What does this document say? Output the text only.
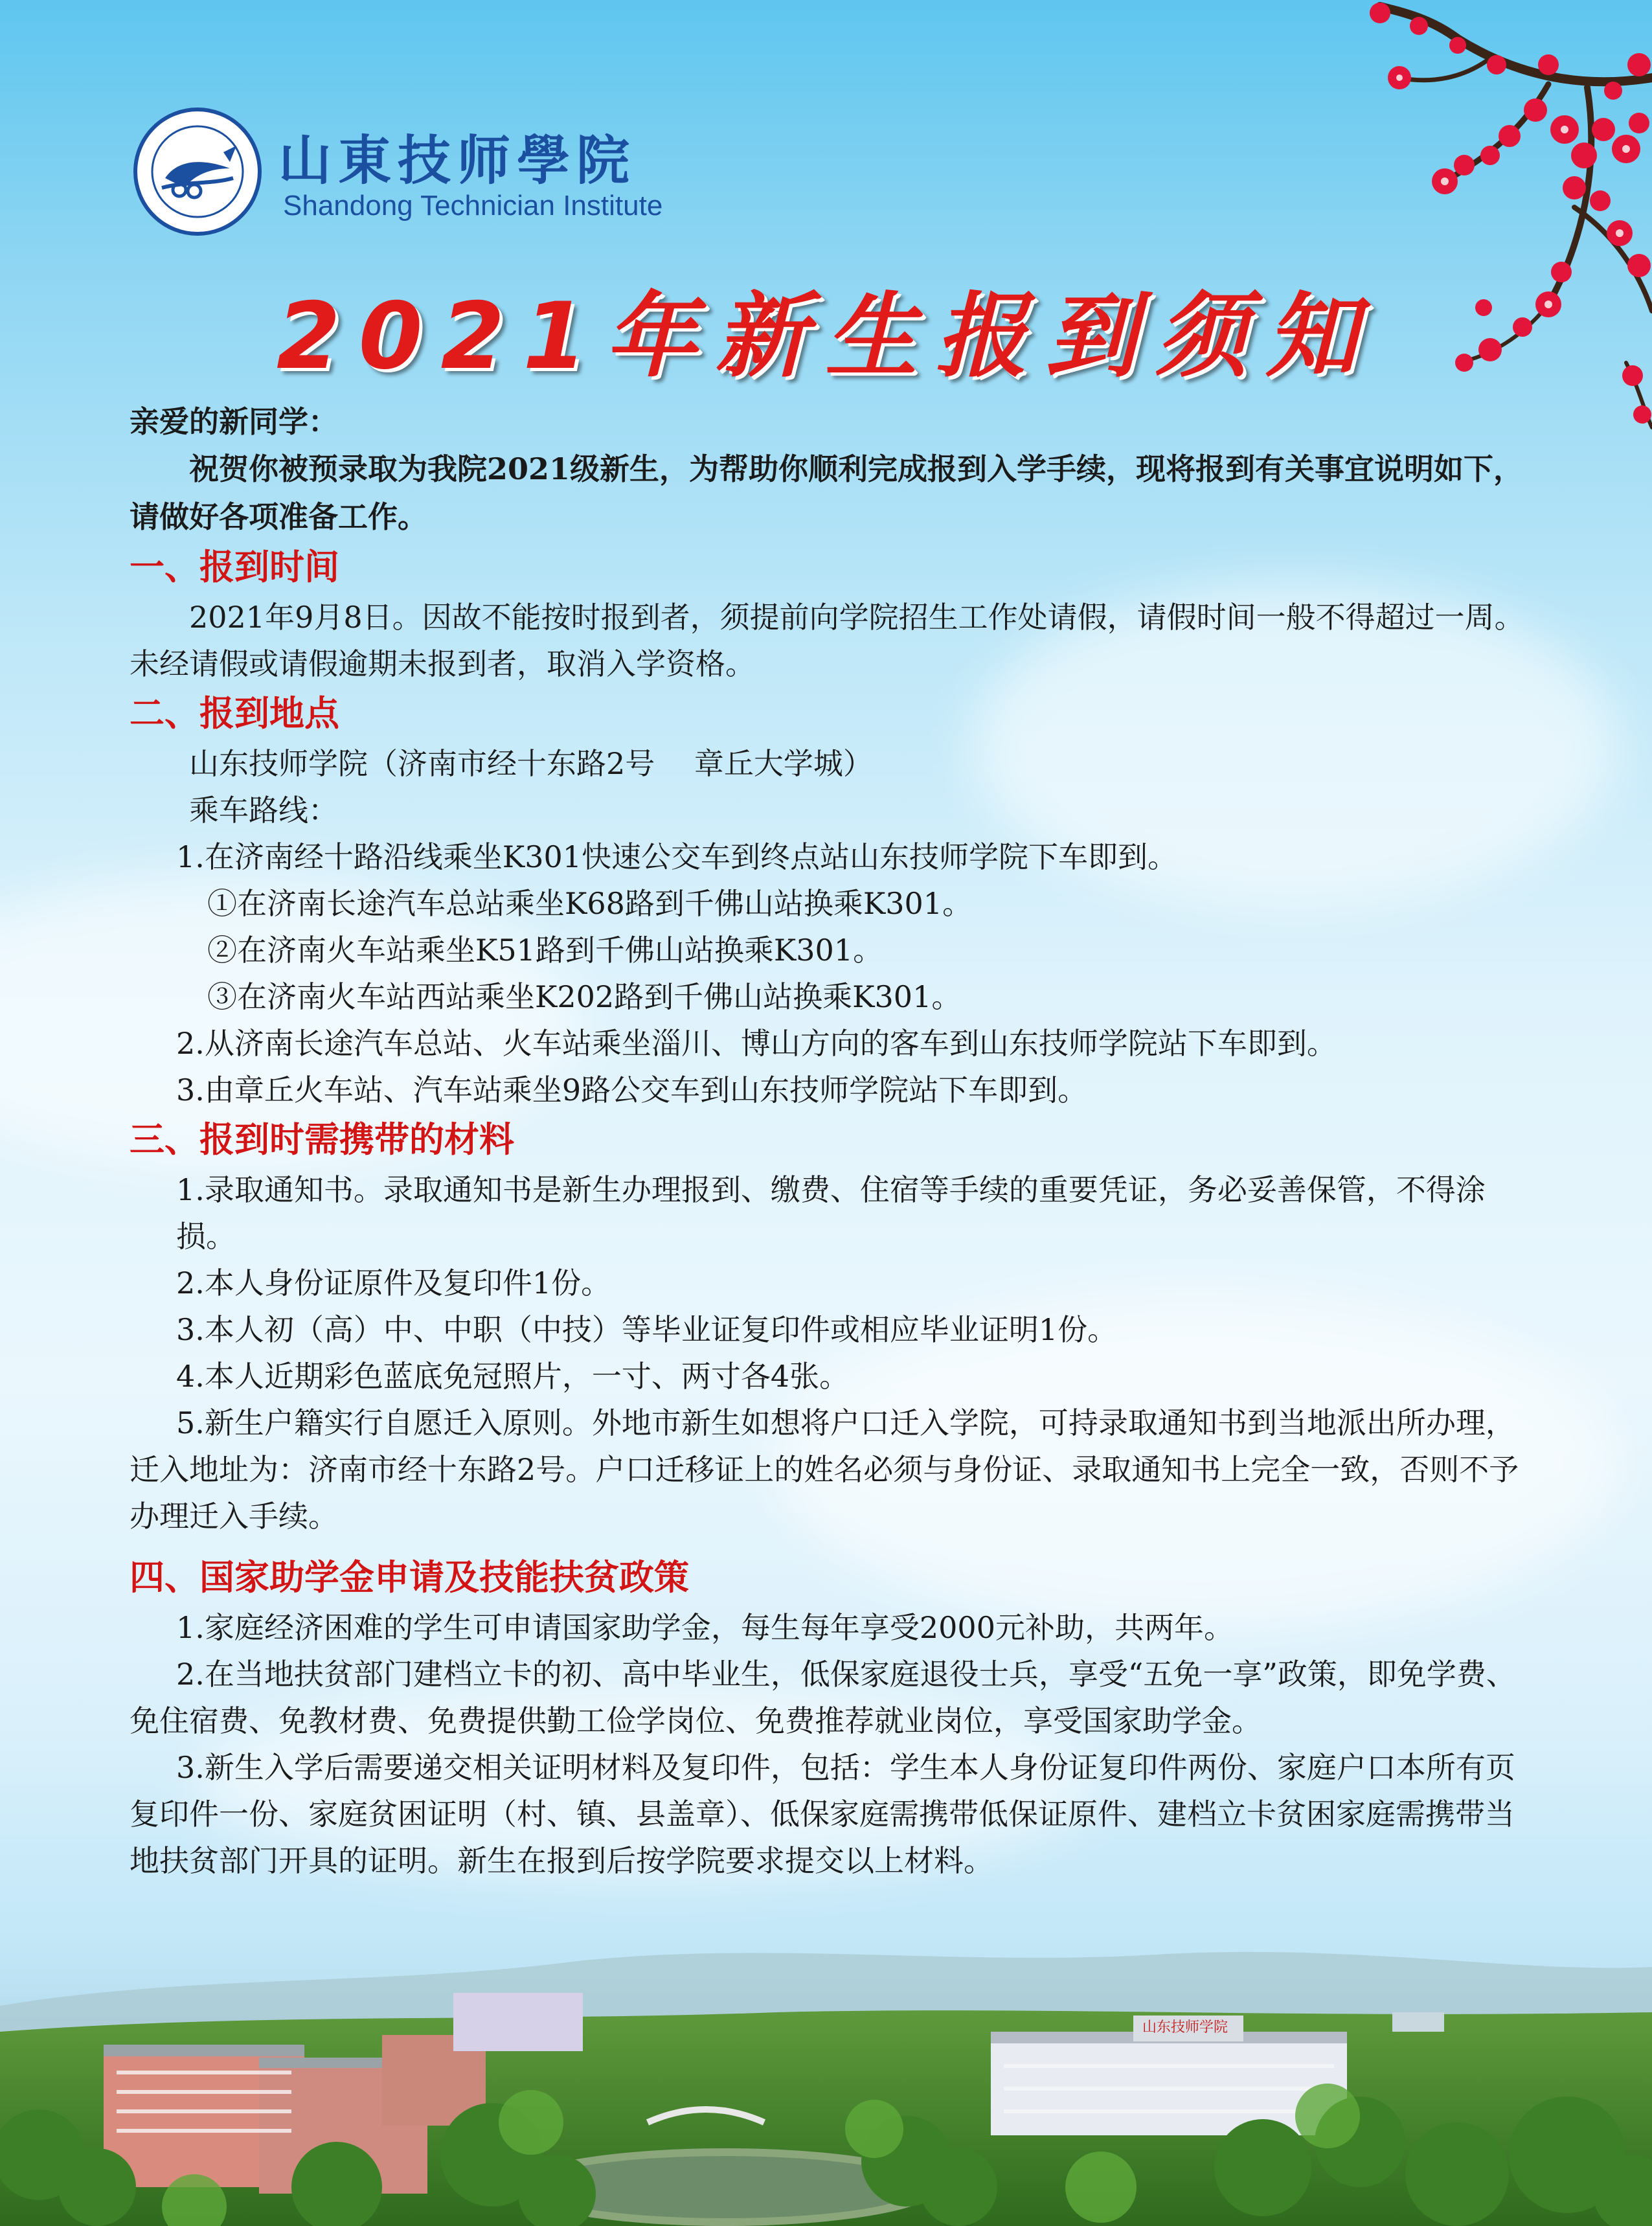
山東技师學院
Shandong Technician Institute
2021年新生报到须知

亲爱的新同学：

祝贺你被预录取为我院2021级新生，为帮助你顺利完成报到入学手续，现将报到有关事宜说明如下，请做好各项准备工作。

一、报到时间

2021年9月8日。因故不能按时报到者，须提前向学院招生工作处请假，请假时间一般不得超过一周。未经请假或请假逾期未报到者，取消入学资格。

二、报到地点

山东技师学院（济南市经十东路2号　 章丘大学城）

乘车路线：

1.在济南经十路沿线乘坐K301快速公交车到终点站山东技师学院下车即到。

①在济南长途汽车总站乘坐K68路到千佛山站换乘K301。

②在济南火车站乘坐K51路到千佛山站换乘K301。

③在济南火车站西站乘坐K202路到千佛山站换乘K301。

2.从济南长途汽车总站、火车站乘坐淄川、博山方向的客车到山东技师学院站下车即到。

3.由章丘火车站、汽车站乘坐9路公交车到山东技师学院站下车即到。

三、报到时需携带的材料

1.录取通知书。录取通知书是新生办理报到、缴费、住宿等手续的重要凭证，务必妥善保管，不得涂损。

2.本人身份证原件及复印件1份。

3.本人初（高）中、中职（中技）等毕业证复印件或相应毕业证明1份。

4.本人近期彩色蓝底免冠照片，一寸、两寸各4张。

5.新生户籍实行自愿迁入原则。外地市新生如想将户口迁入学院，可持录取通知书到当地派出所办理，迁入地址为：济南市经十东路2号。户口迁移证上的姓名必须与身份证、录取通知书上完全一致，否则不予办理迁入手续。

四、国家助学金申请及技能扶贫政策

1.家庭经济困难的学生可申请国家助学金，每生每年享受2000元补助，共两年。

2.在当地扶贫部门建档立卡的初、高中毕业生，低保家庭退役士兵，享受“五免一享”政策，即免学费、免住宿费、免教材费、免费提供勤工俭学岗位、免费推荐就业岗位，享受国家助学金。

3.新生入学后需要递交相关证明材料及复印件，包括：学生本人身份证复印件两份、家庭户口本所有页复印件一份、家庭贫困证明（村、镇、县盖章）、低保家庭需携带低保证原件、建档立卡贫困家庭需携带当地扶贫部门开具的证明。新生在报到后按学院要求提交以上材料。

山东技师学院
